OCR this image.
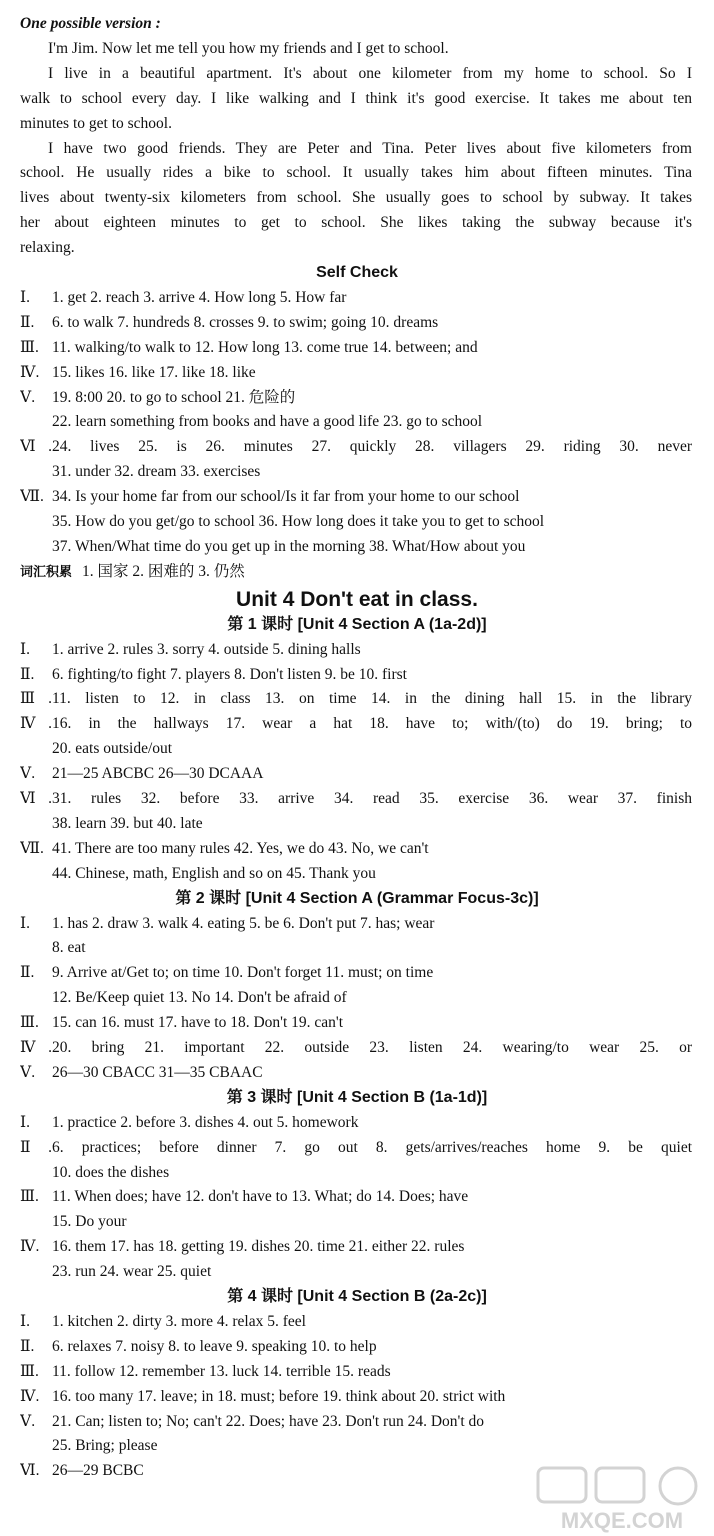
One possible version :
I'm Jim. Now let me tell you how my friends and I get to school.
I live in a beautiful apartment. It's about one kilometer from my home to school. So I
walk to school every day. I like walking and I think it's good exercise. It takes me about ten
minutes to get to school.
I have two good friends. They are Peter and Tina. Peter lives about five kilometers from
school. He usually rides a bike to school. It usually takes him about fifteen minutes. Tina
lives about twenty-six kilometers from school. She usually goes to school by subway. It takes
her about eighteen minutes to get to school. She likes taking the subway because it's
relaxing.
Self Check
Ⅰ. 1. get 2. reach 3. arrive 4. How long 5. How far
Ⅱ. 6. to walk 7. hundreds 8. crosses 9. to swim; going 10. dreams
Ⅲ. 11. walking/to walk to 12. How long 13. come true 14. between; and
Ⅳ. 15. likes 16. like 17. like 18. like
Ⅴ. 19. 8:00 20. to go to school 21. 危险的
22. learn something from books and have a good life 23. go to school
Ⅵ.24. lives 25. is 26. minutes 27. quickly 28. villagers 29. riding 30. never
31. under 32. dream 33. exercises
Ⅶ. 34. Is your home far from our school/Is it far from your home to our school
35. How do you get/go to school 36. How long does it take you to get to school
37. When/What time do you get up in the morning 38. What/How about you
词汇积累 1. 国家 2. 困难的 3. 仍然
Unit 4 Don't eat in class.
第 1 课时 [Unit 4 Section A (1a-2d)]
Ⅰ. 1. arrive 2. rules 3. sorry 4. outside 5. dining halls
Ⅱ. 6. fighting/to fight 7. players 8. Don't listen 9. be 10. first
Ⅲ.11. listen to 12. in class 13. on time 14. in the dining hall 15. in the library
Ⅳ.16. in the hallways 17. wear a hat 18. have to; with/(to) do 19. bring; to
20. eats outside/out
Ⅴ. 21—25 ABCBC 26—30 DCAAA
Ⅵ.31. rules 32. before 33. arrive 34. read 35. exercise 36. wear 37. finish
38. learn 39. but 40. late
Ⅶ. 41. There are too many rules 42. Yes, we do 43. No, we can't
44. Chinese, math, English and so on 45. Thank you
第 2 课时 [Unit 4 Section A (Grammar Focus-3c)]
Ⅰ. 1. has 2. draw 3. walk 4. eating 5. be 6. Don't put 7. has; wear
8. eat
Ⅱ. 9. Arrive at/Get to; on time 10. Don't forget 11. must; on time
12. Be/Keep quiet 13. No 14. Don't be afraid of
Ⅲ. 15. can 16. must 17. have to 18. Don't 19. can't
Ⅳ.20. bring 21. important 22. outside 23. listen 24. wearing/to wear 25. or
Ⅴ. 26—30 CBACC 31—35 CBAAC
第 3 课时 [Unit 4 Section B (1a-1d)]
Ⅰ. 1. practice 2. before 3. dishes 4. out 5. homework
Ⅱ.6. practices; before dinner 7. go out 8. gets/arrives/reaches home 9. be quiet
10. does the dishes
Ⅲ. 11. When does; have 12. don't have to 13. What; do 14. Does; have
15. Do your
Ⅳ. 16. them 17. has 18. getting 19. dishes 20. time 21. either 22. rules
23. run 24. wear 25. quiet
第 4 课时 [Unit 4 Section B (2a-2c)]
Ⅰ. 1. kitchen 2. dirty 3. more 4. relax 5. feel
Ⅱ. 6. relaxes 7. noisy 8. to leave 9. speaking 10. to help
Ⅲ. 11. follow 12. remember 13. luck 14. terrible 15. reads
Ⅳ. 16. too many 17. leave; in 18. must; before 19. think about 20. strict with
Ⅴ. 21. Can; listen to; No; can't 22. Does; have 23. Don't run 24. Don't do
25. Bring; please
Ⅵ. 26—29 BCBC
MXQE.COM
